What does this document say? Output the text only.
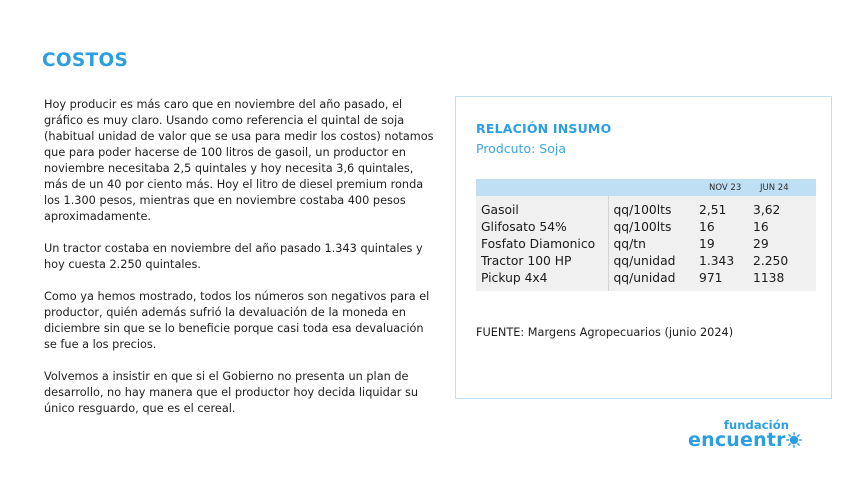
COSTOS

Hoy producir es más caro que en noviembre del año pasado, el gráfico es muy claro. Usando como referencia el quintal de soja (habitual unidad de valor que se usa para medir los costos) notamos que para poder hacerse de 100 litros de gasoil, un productor en noviembre necesitaba 2,5 quintales y hoy necesita 3,6 quintales, más de un 40 por ciento más. Hoy el litro de diesel premium ronda los 1.300 pesos, mientras que en noviembre costaba 400 pesos aproximadamente.

Un tractor costaba en noviembre del año pasado 1.343 quintales y hoy cuesta 2.250 quintales.

Como ya hemos mostrado, todos los números son negativos para el productor, quién además sufrió la devaluación de la moneda en diciembre sin que se lo beneficie porque casi toda esa devaluación se fue a los precios.

Volvemos a insistir en que si el Gobierno no presenta un plan de desarrollo, no hay manera que el productor hoy decida liquidar su único resguardo, que es el cereal.

RELACIÓN INSUMO
Prodcuto: Soja
		NOV 23	JUN 24
Gasoil	qq/100lts	2,51	3,62
Glifosato 54%	qq/100lts	16	16
Fosfato Diamonico	qq/tn	19	29
Tractor 100 HP	qq/unidad	1.343	2.250
Pickup 4x4	qq/unidad	971	1138
FUENTE: Margens Agropecuarios (junio 2024)
fundación
encuentr
